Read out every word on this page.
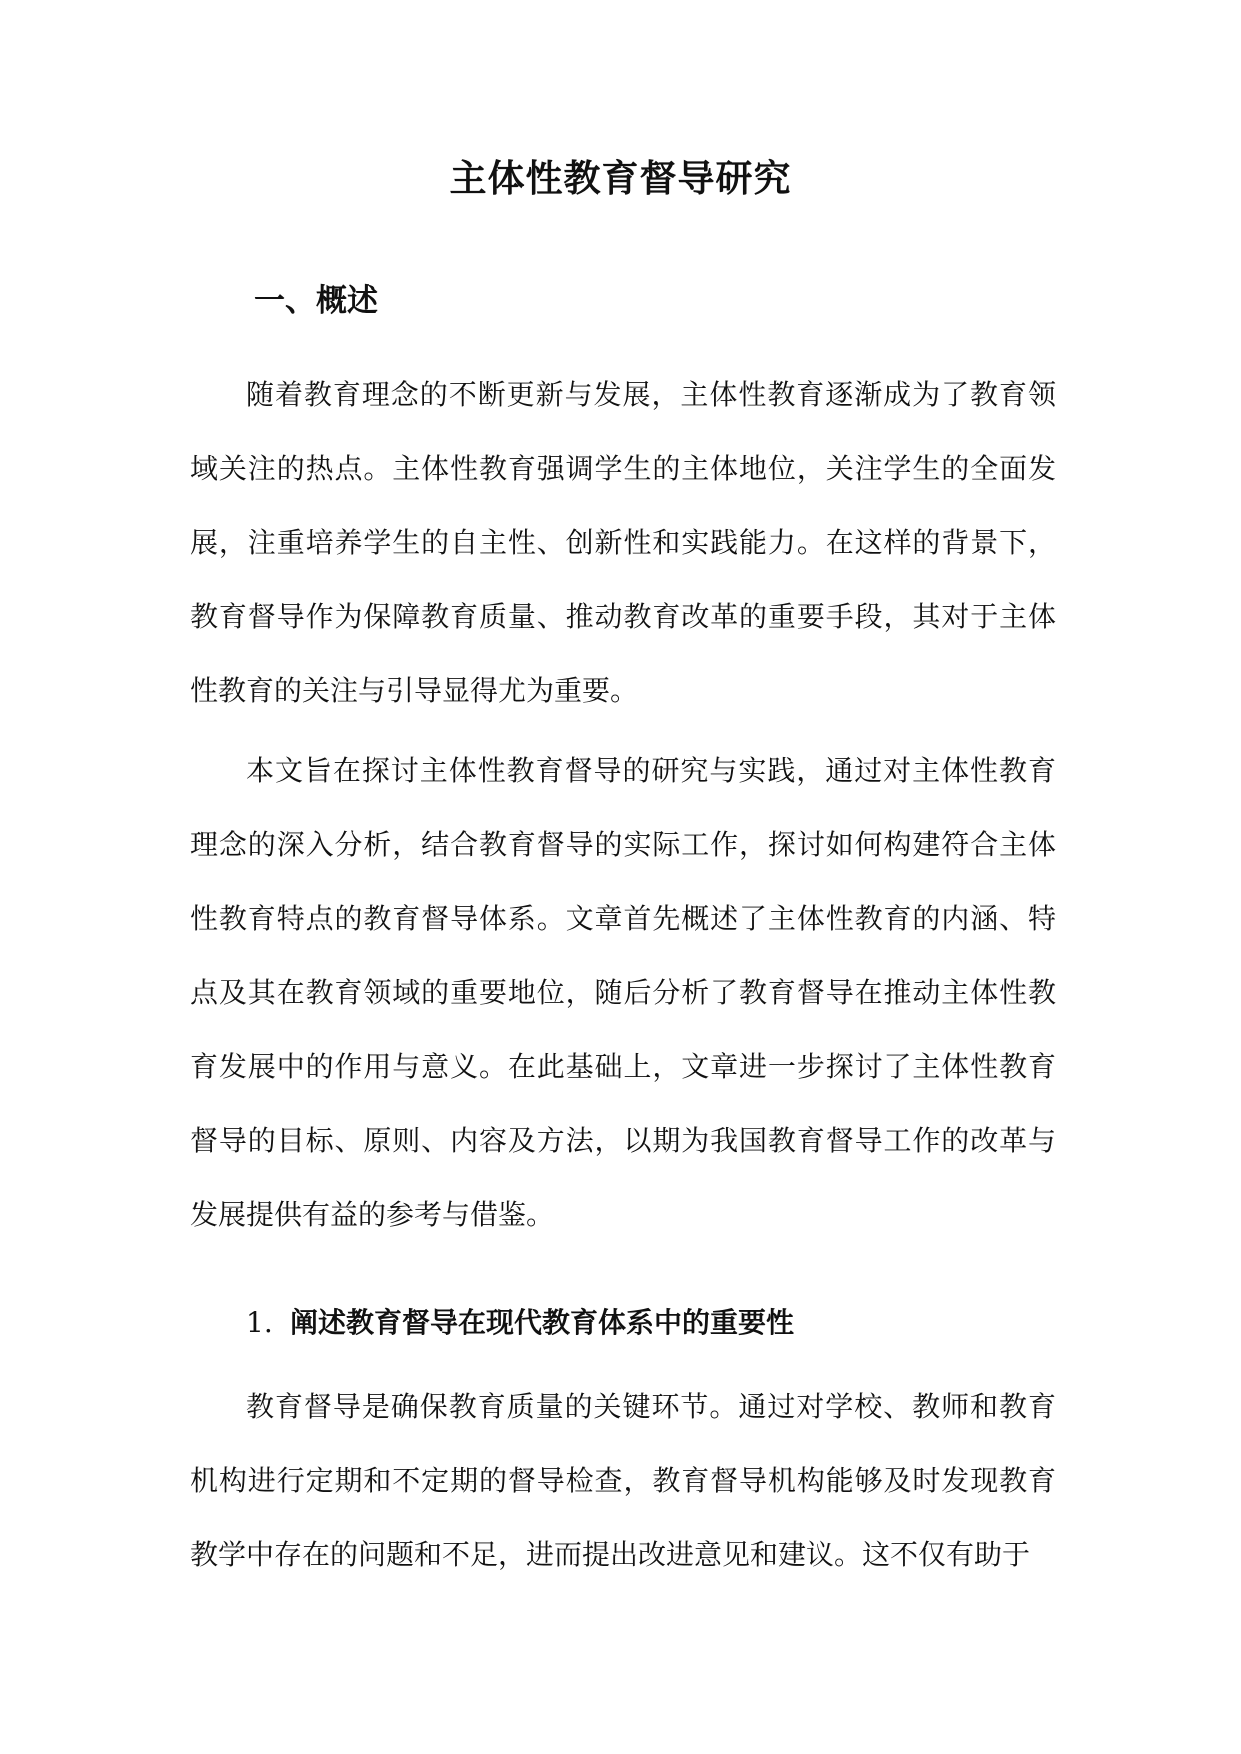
主体性教育督导研究
一、概述

随着教育理念的不断更新与发展，主体性教育逐渐成为了教育领域关注的热点。主体性教育强调学生的主体地位，关注学生的全面发展，注重培养学生的自主性、创新性和实践能力。在这样的背景下，教育督导作为保障教育质量、推动教育改革的重要手段，其对于主体性教育的关注与引导显得尤为重要。

本文旨在探讨主体性教育督导的研究与实践，通过对主体性教育理念的深入分析，结合教育督导的实际工作，探讨如何构建符合主体性教育特点的教育督导体系。文章首先概述了主体性教育的内涵、特点及其在教育领域的重要地位，随后分析了教育督导在推动主体性教育发展中的作用与意义。在此基础上，文章进一步探讨了主体性教育督导的目标、原则、内容及方法，以期为我国教育督导工作的改革与发展提供有益的参考与借鉴。

1. 阐述教育督导在现代教育体系中的重要性

教育督导是确保教育质量的关键环节。通过对学校、教师和教育机构进行定期和不定期的督导检查，教育督导机构能够及时发现教育教学中存在的问题和不足，进而提出改进意见和建议。这不仅有助于
